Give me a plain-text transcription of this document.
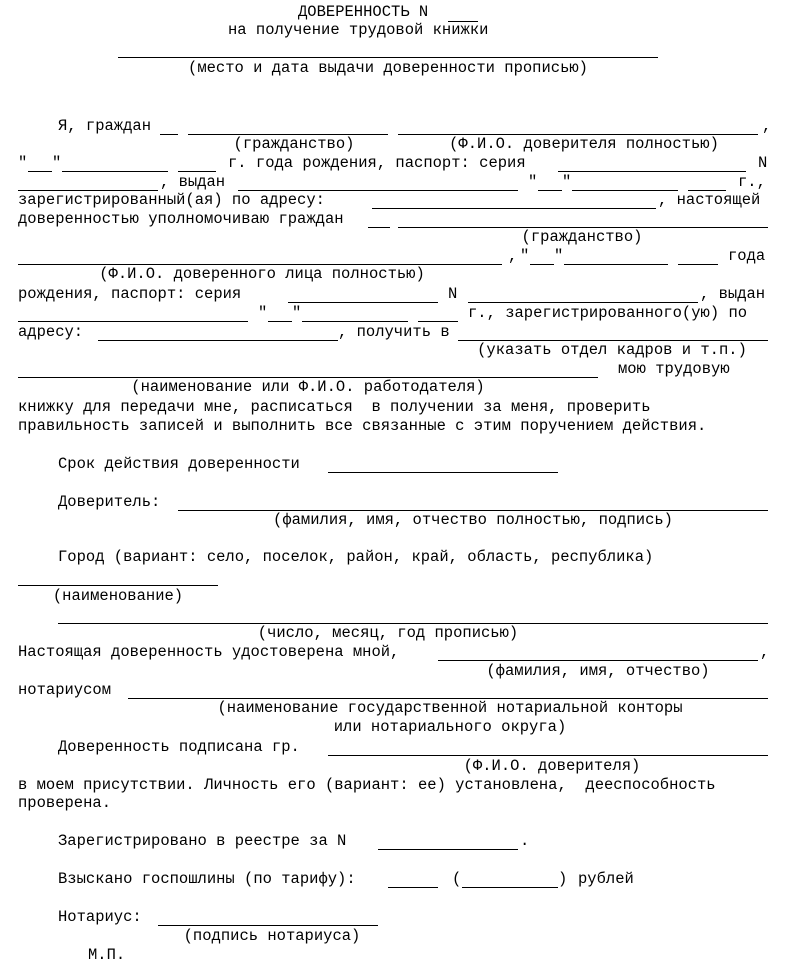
ДОВЕРЕННОСТЬ N
на получение трудовой книжки
(место и дата выдачи доверенности прописью)
Я, граждан	,
(гражданство)	(Ф.И.О. доверителя полностью)
" "	г. года рождения, паспорт: серия	N
, выдан	" "	г.,
зарегистрированный(ая) по адресу:	, настоящей
доверенностью уполномочиваю граждан
(гражданство)
, " "	года
(Ф.И.О. доверенного лица полностью)
рождения, паспорт: серия	N	, выдан
" "	г., зарегистрированного(ую) по
адресу:	, получить в
(указать отдел кадров и т.п.)
мою трудовую
(наименование или Ф.И.О. работодателя)
книжку для передачи мне, расписаться  в получении за меня, проверить
правильность записей и выполнить все связанные с этим поручением действия.
Срок действия доверенности
Доверитель:
(фамилия, имя, отчество полностью, подпись)
Город (вариант: село, поселок, район, край, область, республика)
(наименование)
(число, месяц, год прописью)
Настоящая доверенность удостоверена мной,	,
(фамилия, имя, отчество)
нотариусом
(наименование государственной нотариальной конторы
или нотариального округа)
Доверенность подписана гр.
(Ф.И.О. доверителя)
в моем присутствии. Личность его (вариант: ее) установлена,  дееспособность
проверена.
Зарегистрировано в реестре за N	.
Взыскано госпошлины (по тарифу):	(	) рублей
Нотариус:
(подпись нотариуса)
М.П.
